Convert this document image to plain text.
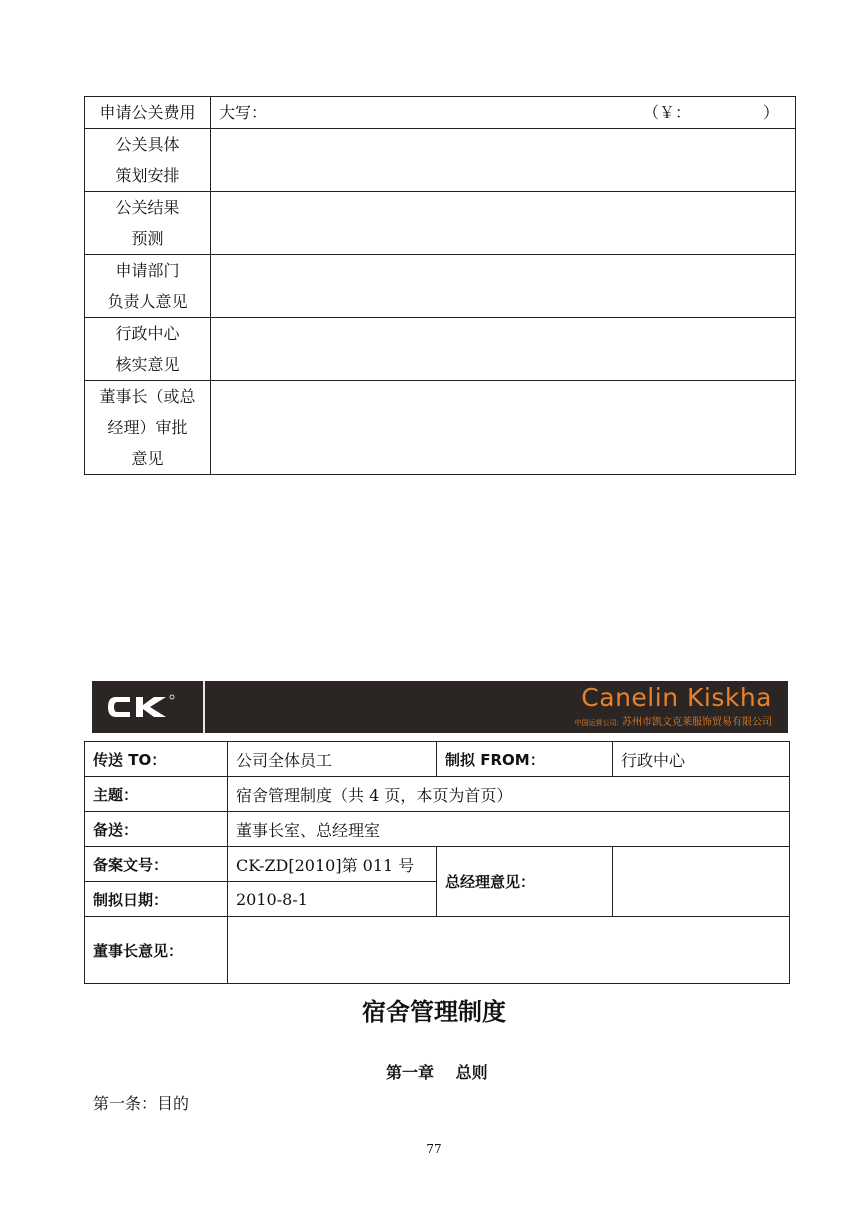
申请公关费用	大写： （￥：　　　　　）

公关具体
策划安排	

公关结果
预测	

申请部门
负责人意见	

行政中心
核实意见	

董事长（或总
经理）审批
意见	

Canelin Kiskha
中国运营公司: 苏州市凯文克莱服饰贸易有限公司
传送 TO：	公司全体员工	制拟 FROM：	行政中心
主题：	宿舍管理制度（共 4 页，本页为首页）		
备送：	董事长室、总经理室		
备案文号：	CK-ZD[2010]第 011 号	总经理意见：	
制拟日期：	2010-8-1		
董事长意见：			
宿舍管理制度
第一章　 总则
第一条：目的
77
